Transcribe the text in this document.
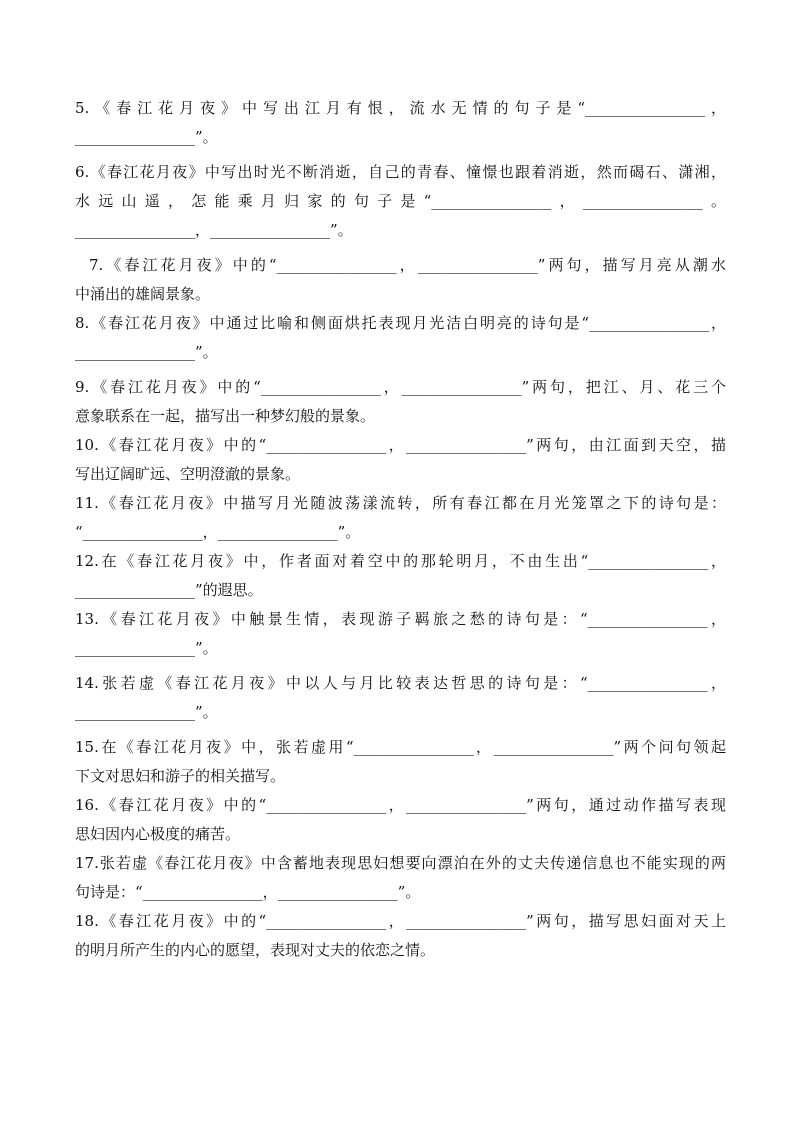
5.《春江花月夜》中写出江月有恨，流水无情的句子是“________________，
________________”。
6.《春江花月夜》中写出时光不断消逝，自己的青春、憧憬也跟着消逝，然而碣石、潇湘，
水远山遥，怎能乘月归家的句子是“________________，________________。
________________，________________”。
7.《春江花月夜》中的“________________，________________”两句，描写月亮从潮水
中涌出的雄阔景象。
8.《春江花月夜》中通过比喻和侧面烘托表现月光洁白明亮的诗句是“________________，
________________”。
9.《春江花月夜》中的“________________，________________”两句，把江、月、花三个
意象联系在一起，描写出一种梦幻般的景象。
10.《春江花月夜》中的“________________，________________”两句，由江面到天空，描
写出辽阔旷远、空明澄澈的景象。
11.《春江花月夜》中描写月光随波荡漾流转，所有春江都在月光笼罩之下的诗句是：
“________________，________________”。
12.在《春江花月夜》中，作者面对着空中的那轮明月，不由生出“________________，
________________”的遐思。
13.《春江花月夜》中触景生情，表现游子羁旅之愁的诗句是：“________________，
________________”。
14.张若虚《春江花月夜》中以人与月比较表达哲思的诗句是：“________________，
________________”。
15.在《春江花月夜》中，张若虚用“________________，________________”两个问句领起
下文对思妇和游子的相关描写。
16.《春江花月夜》中的“________________，________________”两句，通过动作描写表现
思妇因内心极度的痛苦。
17.张若虚《春江花月夜》中含蓄地表现思妇想要向漂泊在外的丈夫传递信息也不能实现的两
句诗是：“________________，________________”。
18.《春江花月夜》中的“________________，________________”两句，描写思妇面对天上
的明月所产生的内心的愿望，表现对丈夫的依恋之情。
